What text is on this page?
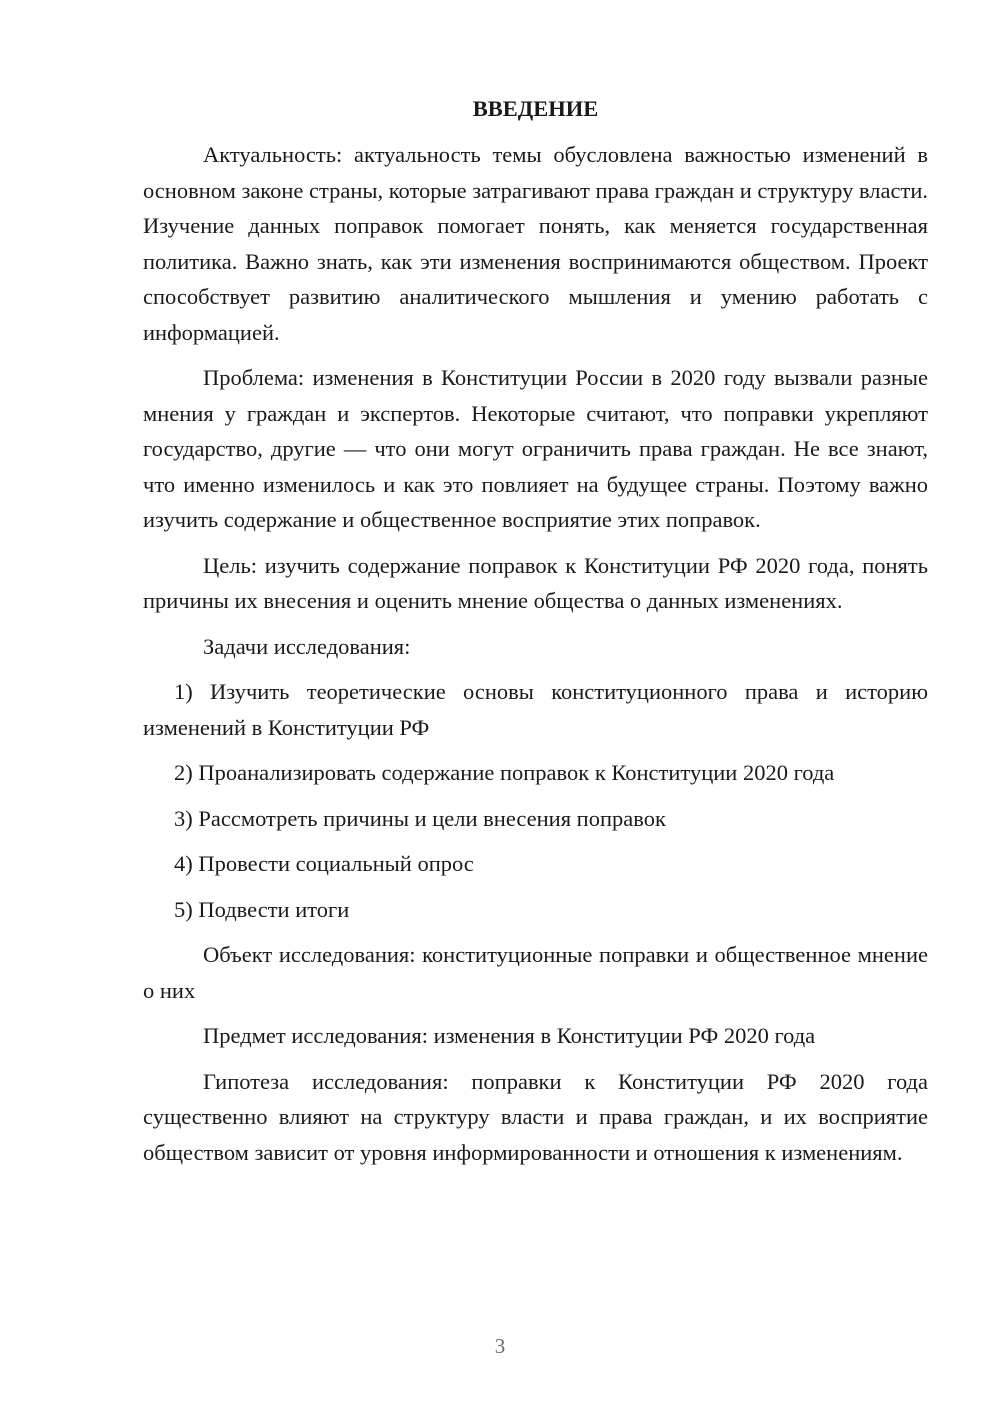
ВВЕДЕНИЕ

Актуальность: актуальность темы обусловлена важностью изменений в основном законе страны, которые затрагивают права граждан и структуру власти. Изучение данных поправок помогает понять, как меняется государственная политика. Важно знать, как эти изменения воспринимаются обществом. Проект способствует развитию аналитического мышления и умению работать с информацией.

Проблема: изменения в Конституции России в 2020 году вызвали разные мнения у граждан и экспертов. Некоторые считают, что поправки укрепляют государство, другие — что они могут ограничить права граждан. Не все знают, что именно изменилось и как это повлияет на будущее страны. Поэтому важно изучить содержание и общественное восприятие этих поправок.

Цель: изучить содержание поправок к Конституции РФ 2020 года, понять причины их внесения и оценить мнение общества о данных изменениях.

Задачи исследования:

1) Изучить теоретические основы конституционного права и историю изменений в Конституции РФ

2) Проанализировать содержание поправок к Конституции 2020 года

3) Рассмотреть причины и цели внесения поправок

4) Провести социальный опрос

5) Подвести итоги

Объект исследования: конституционные поправки и общественное мнение о них

Предмет исследования: изменения в Конституции РФ 2020 года

Гипотеза исследования: поправки к Конституции РФ 2020 года существенно влияют на структуру власти и права граждан, и их восприятие обществом зависит от уровня информированности и отношения к изменениям.

3
